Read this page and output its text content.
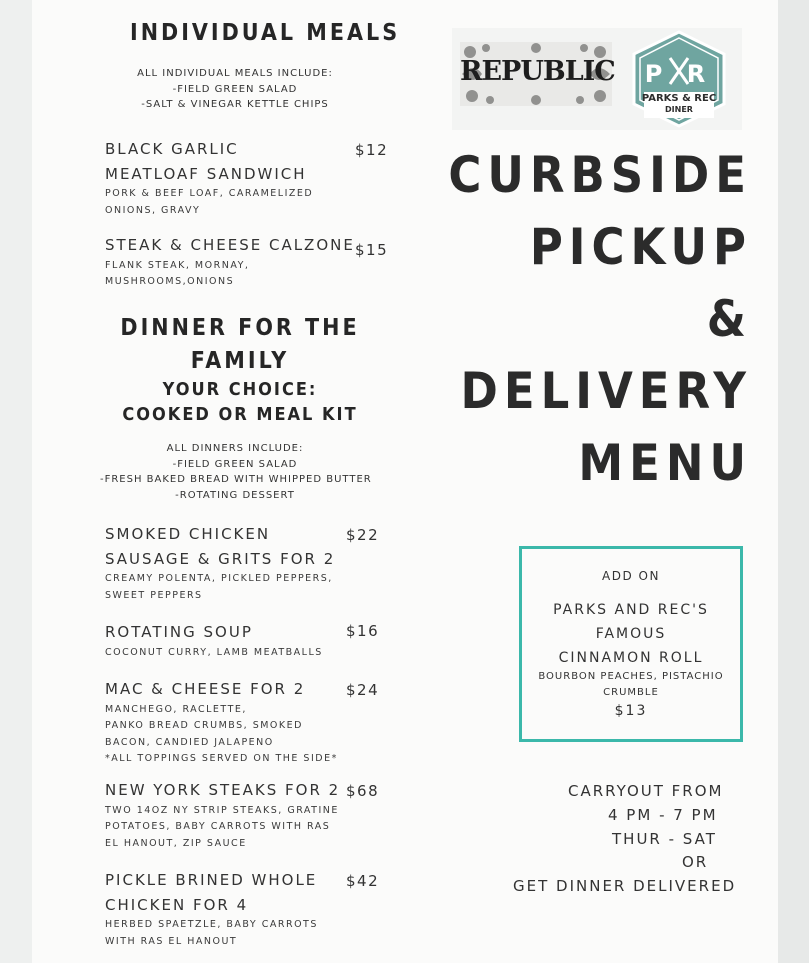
INDIVIDUAL MEALS
ALL INDIVIDUAL MEALS INCLUDE:
-FIELD GREEN SALAD
-SALT & VINEGAR KETTLE CHIPS
BLACK GARLIC
MEATLOAF SANDWICH
PORK & BEEF LOAF, CARAMELIZED
ONIONS, GRAVY
$12
STEAK & CHEESE CALZONE
FLANK STEAK, MORNAY,
MUSHROOMS,ONIONS
$15
DINNER FOR THE
FAMILY
YOUR CHOICE:
COOKED OR MEAL KIT
ALL DINNERS INCLUDE:
-FIELD GREEN SALAD
-FRESH BAKED BREAD WITH WHIPPED BUTTER
-ROTATING DESSERT
SMOKED CHICKEN
SAUSAGE & GRITS FOR 2
CREAMY POLENTA, PICKLED PEPPERS,
SWEET PEPPERS
$22
ROTATING SOUP
COCONUT CURRY, LAMB MEATBALLS
$16
MAC & CHEESE FOR 2
MANCHEGO, RACLETTE,
PANKO BREAD CRUMBS, SMOKED
BACON, CANDIED JALAPENO
*ALL TOPPINGS SERVED ON THE SIDE*
$24
NEW YORK STEAKS FOR 2
TWO 14OZ NY STRIP STEAKS, GRATINE
POTATOES, BABY CARROTS WITH RAS
EL HANOUT, ZIP SAUCE
$68
PICKLE BRINED WHOLE
CHICKEN FOR 4
HERBED SPAETZLE, BABY CARROTS
WITH RAS EL HANOUT
$42
REPUBLIC	P R
PARKS & REC
DINER
CURBSIDE
PICKUP
&
DELIVERY
MENU
ADD ON
PARKS AND REC'S
FAMOUS
CINNAMON ROLL
BOURBON PEACHES, PISTACHIO
CRUMBLE
$13
CARRYOUT FROM
4 PM - 7 PM
THUR - SAT
OR
GET DINNER DELIVERED
